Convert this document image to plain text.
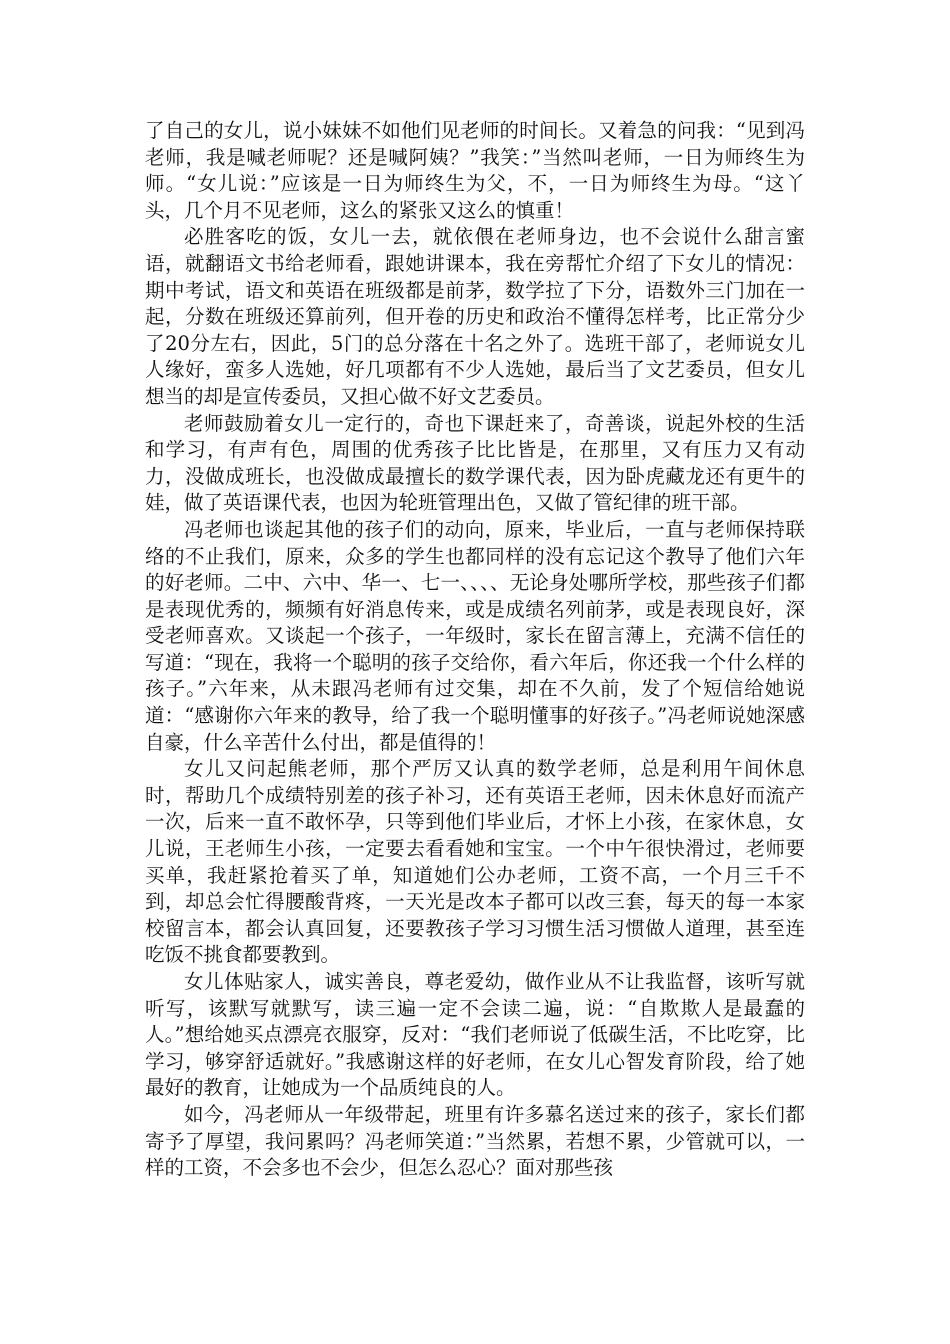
了自己的女儿，说小妹妹不如他们见老师的时间长。又着急的问我：“见到冯老师，我是喊老师呢？还是喊阿姨？”我笑：”当然叫老师，一日为师终生为师。“女儿说：”应该是一日为师终生为父，不，一日为师终生为母。“这丫头，几个月不见老师，这么的紧张又这么的慎重！

必胜客吃的饭，女儿一去，就依偎在老师身边，也不会说什么甜言蜜语，就翻语文书给老师看，跟她讲课本，我在旁帮忙介绍了下女儿的情况：期中考试，语文和英语在班级都是前茅，数学拉了下分，语数外三门加在一起，分数在班级还算前列，但开卷的历史和政治不懂得怎样考，比正常分少了20分左右，因此，5门的总分落在十名之外了。选班干部了，老师说女儿人缘好，蛮多人选她，好几项都有不少人选她，最后当了文艺委员，但女儿想当的却是宣传委员，又担心做不好文艺委员。

老师鼓励着女儿一定行的，奇也下课赶来了，奇善谈，说起外校的生活和学习，有声有色，周围的优秀孩子比比皆是，在那里，又有压力又有动力，没做成班长，也没做成最擅长的数学课代表，因为卧虎藏龙还有更牛的娃，做了英语课代表，也因为轮班管理出色，又做了管纪律的班干部。

冯老师也谈起其他的孩子们的动向，原来，毕业后，一直与老师保持联络的不止我们，原来，众多的学生也都同样的没有忘记这个教导了他们六年的好老师。二中、六中、华一、七一、、、、无论身处哪所学校，那些孩子们都是表现优秀的，频频有好消息传来，或是成绩名列前茅，或是表现良好，深受老师喜欢。又谈起一个孩子，一年级时，家长在留言薄上，充满不信任的写道：“现在，我将一个聪明的孩子交给你，看六年后，你还我一个什么样的孩子。”六年来，从未跟冯老师有过交集，却在不久前，发了个短信给她说道：“感谢你六年来的教导，给了我一个聪明懂事的好孩子。”冯老师说她深感自豪，什么辛苦什么付出，都是值得的！

女儿又问起熊老师，那个严厉又认真的数学老师，总是利用午间休息时，帮助几个成绩特别差的孩子补习，还有英语王老师，因未休息好而流产一次，后来一直不敢怀孕，只等到他们毕业后，才怀上小孩，在家休息，女儿说，王老师生小孩，一定要去看看她和宝宝。一个中午很快滑过，老师要买单，我赶紧抢着买了单，知道她们公办老师，工资不高，一个月三千不到，却总会忙得腰酸背疼，一天光是改本子都可以改三套，每天的每一本家校留言本，都会认真回复，还要教孩子学习习惯生活习惯做人道理，甚至连吃饭不挑食都要教到。

女儿体贴家人，诚实善良，尊老爱幼，做作业从不让我监督，该听写就听写，该默写就默写，读三遍一定不会读二遍，说：“自欺欺人是最蠢的人。”想给她买点漂亮衣服穿，反对：“我们老师说了低碳生活，不比吃穿，比学习，够穿舒适就好。”我感谢这样的好老师，在女儿心智发育阶段，给了她最好的教育，让她成为一个品质纯良的人。

如今，冯老师从一年级带起，班里有许多慕名送过来的孩子，家长们都寄予了厚望，我问累吗？冯老师笑道：”当然累，若想不累，少管就可以，一样的工资，不会多也不会少，但怎么忍心？面对那些孩
